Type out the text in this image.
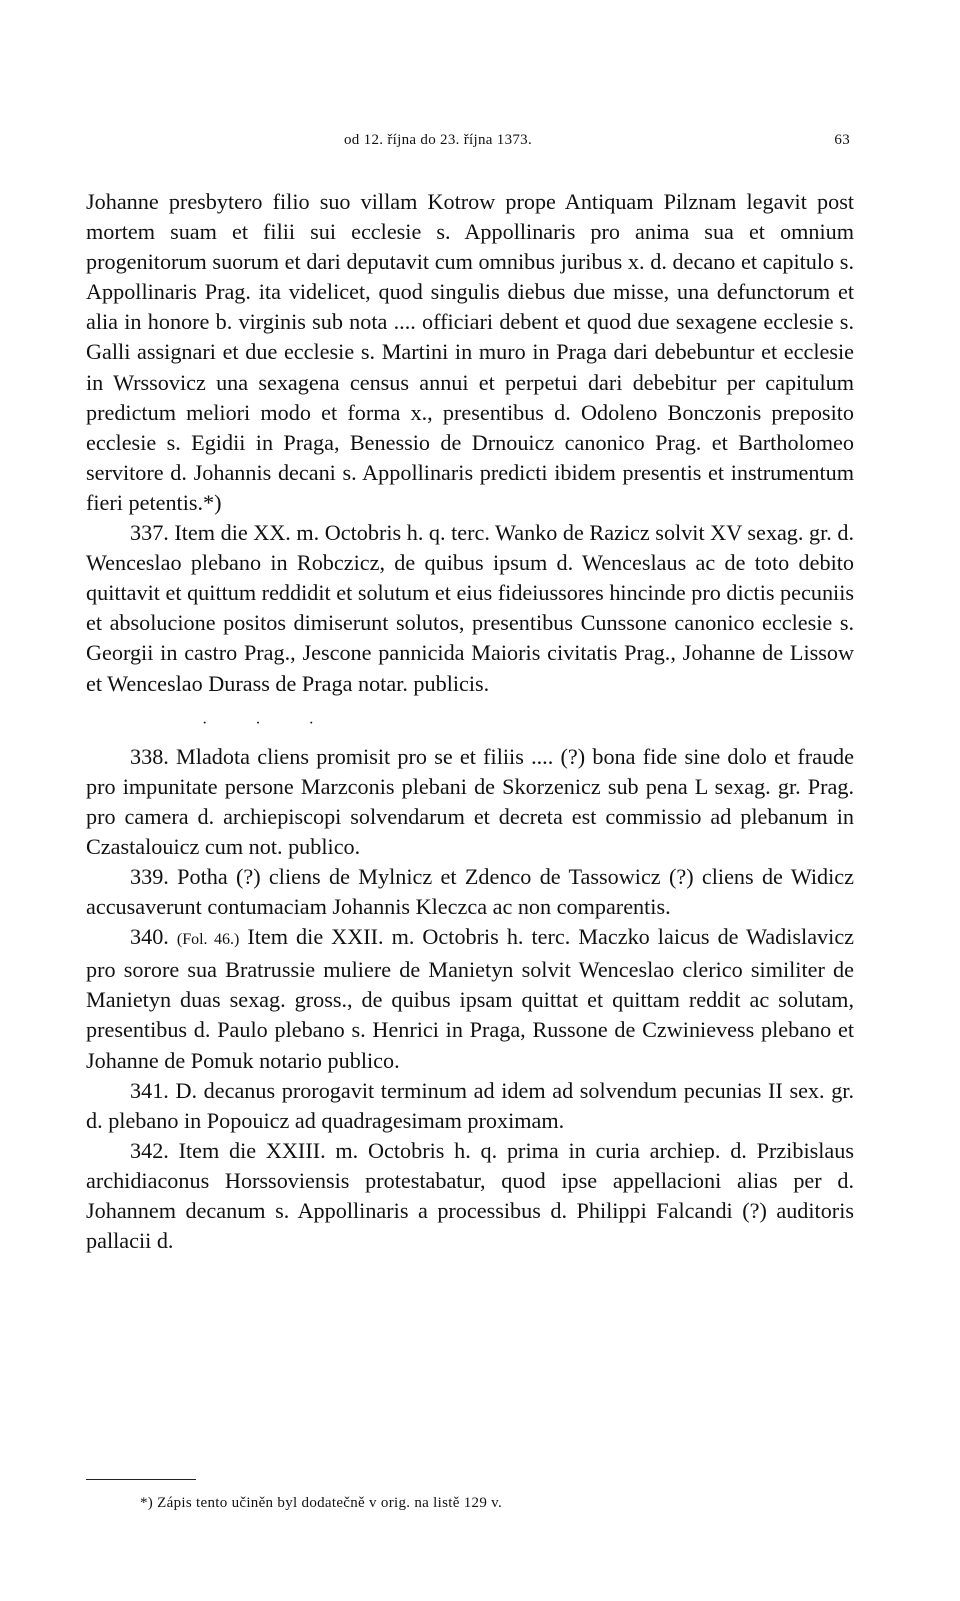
od 12. října do 23. října 1373.	63

Johanne presbytero filio suo villam Kotrow prope Antiquam Pilznam legavit post mortem suam et filii sui ecclesie s. Appollinaris pro anima sua et omnium progenitorum suorum et dari deputavit cum omnibus juribus x. d. decano et capitulo s. Appollinaris Prag. ita videlicet, quod singulis diebus due misse, una defunctorum et alia in honore b. virginis sub nota .... officiari debent et quod due sexagene ecclesie s. Galli assignari et due ecclesie s. Martini in muro in Praga dari debebuntur et ecclesie in Wrssovicz una sexagena census annui et perpetui dari debebitur per capitulum predictum meliori modo et forma x., presentibus d. Odoleno Bonczonis preposito ecclesie s. Egidii in Praga, Benessio de Drnouicz canonico Prag. et Bartholomeo servitore d. Johannis decani s. Appollinaris predicti ibidem presentis et instrumentum fieri petentis.*)

337. Item die XX. m. Octobris h. q. terc. Wanko de Razicz solvit XV sexag. gr. d. Wenceslao plebano in Robczicz, de quibus ipsum d. Wenceslaus ac de toto debito quittavit et quittum reddidit et solutum et eius fideiussores hincinde pro dictis pecuniis et absolucione positos dimiserunt solutos, presentibus Cunssone canonico ecclesie s. Georgii in castro Prag., Jescone pannicida Maioris civitatis Prag., Johanne de Lissow et Wenceslao Durass de Praga notar. publicis.

· · ·

338. Mladota cliens promisit pro se et filiis .... (?) bona fide sine dolo et fraude pro impunitate persone Marzconis plebani de Skorzenicz sub pena L sexag. gr. Prag. pro camera d. archiepiscopi solvendarum et decreta est commissio ad plebanum in Czastalouicz cum not. publico.

339. Potha (?) cliens de Mylnicz et Zdenco de Tassowicz (?) cliens de Widicz accusaverunt contumaciam Johannis Kleczca ac non comparentis.

340. (Fol. 46.) Item die XXII. m. Octobris h. terc. Maczko laicus de Wadislavicz pro sorore sua Bratrussie muliere de Manietyn solvit Wenceslao clerico similiter de Manietyn duas sexag. gross., de quibus ipsam quittat et quittam reddit ac solutam, presentibus d. Paulo plebano s. Henrici in Praga, Russone de Czwinievess plebano et Johanne de Pomuk notario publico.

341. D. decanus prorogavit terminum ad idem ad solvendum pecunias II sex. gr. d. plebano in Popouicz ad quadragesimam proximam.

342. Item die XXIII. m. Octobris h. q. prima in curia archiep. d. Przibislaus archidiaconus Horssoviensis protestabatur, quod ipse appellacioni alias per d. Johannem decanum s. Appollinaris a processibus d. Philippi Falcandi (?) auditoris pallacii d.

*) Zápis tento učiněn byl dodatečně v orig. na listě 129 v.
